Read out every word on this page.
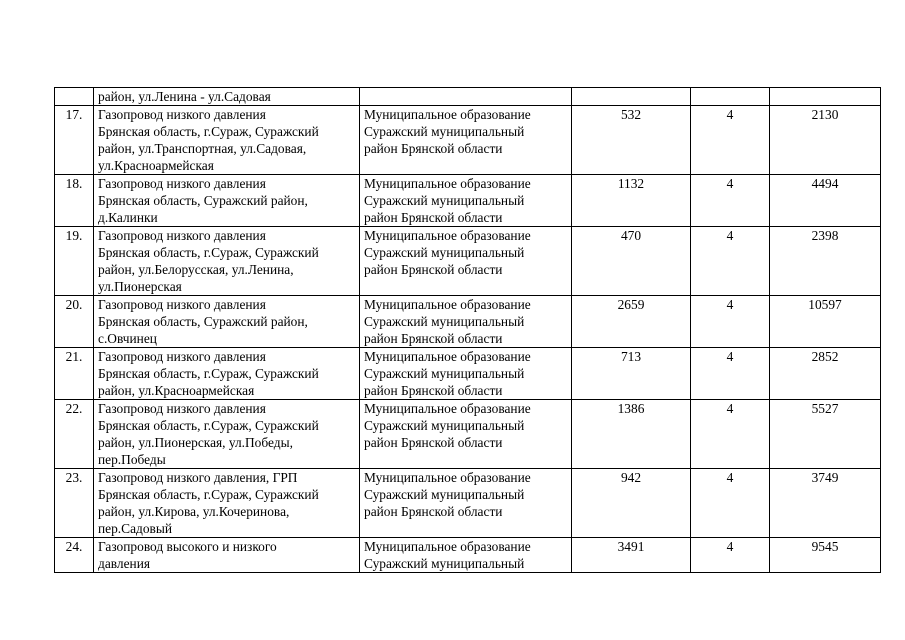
	район, ул.Ленина - ул.Садовая				

17.	Газопровод низкого давления
Брянская область, г.Сураж, Суражский
район, ул.Транспортная, ул.Садовая,
ул.Красноармейская	Муниципальное образование
Суражский муниципальный
район Брянской области	532	4	2130
18.	Газопровод низкого давления
Брянская область, Суражский район,
д.Калинки	Муниципальное образование
Суражский муниципальный
район Брянской области	1132	4	4494
19.	Газопровод низкого давления
Брянская область, г.Сураж, Суражский
район, ул.Белорусская, ул.Ленина,
ул.Пионерская	Муниципальное образование
Суражский муниципальный
район Брянской области	470	4	2398
20.	Газопровод низкого давления
Брянская область, Суражский район,
с.Овчинец	Муниципальное образование
Суражский муниципальный
район Брянской области	2659	4	10597
21.	Газопровод низкого давления
Брянская область, г.Сураж, Суражский
район, ул.Красноармейская	Муниципальное образование
Суражский муниципальный
район Брянской области	713	4	2852
22.	Газопровод низкого давления
Брянская область, г.Сураж, Суражский
район, ул.Пионерская, ул.Победы,
пер.Победы	Муниципальное образование
Суражский муниципальный
район Брянской области	1386	4	5527
23.	Газопровод низкого давления, ГРП
Брянская область, г.Сураж, Суражский
район, ул.Кирова, ул.Кочеринова,
пер.Садовый	Муниципальное образование
Суражский муниципальный
район Брянской области	942	4	3749
24.	Газопровод высокого и низкого
давления	Муниципальное образование
Суражский муниципальный	3491	4	9545
